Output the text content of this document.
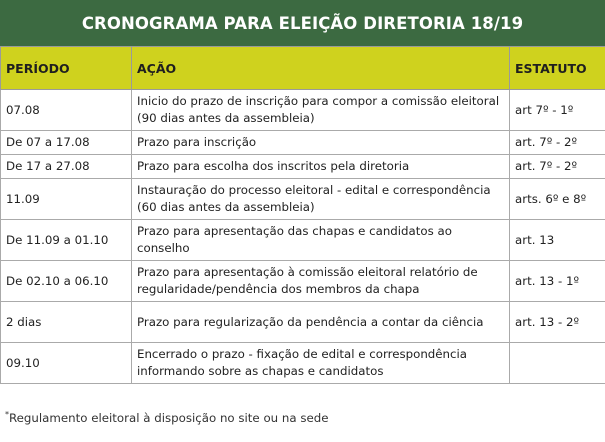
CRONOGRAMA PARA ELEIÇÃO DIRETORIA 18/19
PERÍODO	AÇÃO	ESTATUTO
07.08	Inicio do prazo de inscrição para compor a comissão eleitoral (90 dias antes da assembleia)	art 7º - 1º
De 07 a 17.08	Prazo para inscrição	art. 7º - 2º
De 17 a 27.08	Prazo para escolha dos inscritos pela diretoria	art. 7º - 2º
11.09	Instauração do processo eleitoral - edital e correspondência (60 dias antes da assembleia)	arts. 6º e 8º
De 11.09 a 01.10	Prazo para apresentação das chapas e candidatos ao conselho	art. 13
De 02.10 a 06.10	Prazo para apresentação à comissão eleitoral relatório de regularidade/pendência dos membros da chapa	art. 13 - 1º
2 dias	Prazo para regularização da pendência a contar da ciência	art. 13 - 2º
09.10	Encerrado o prazo - fixação de edital e correspondência informando sobre as chapas e candidatos	
*Regulamento eleitoral à disposição no site ou na sede
